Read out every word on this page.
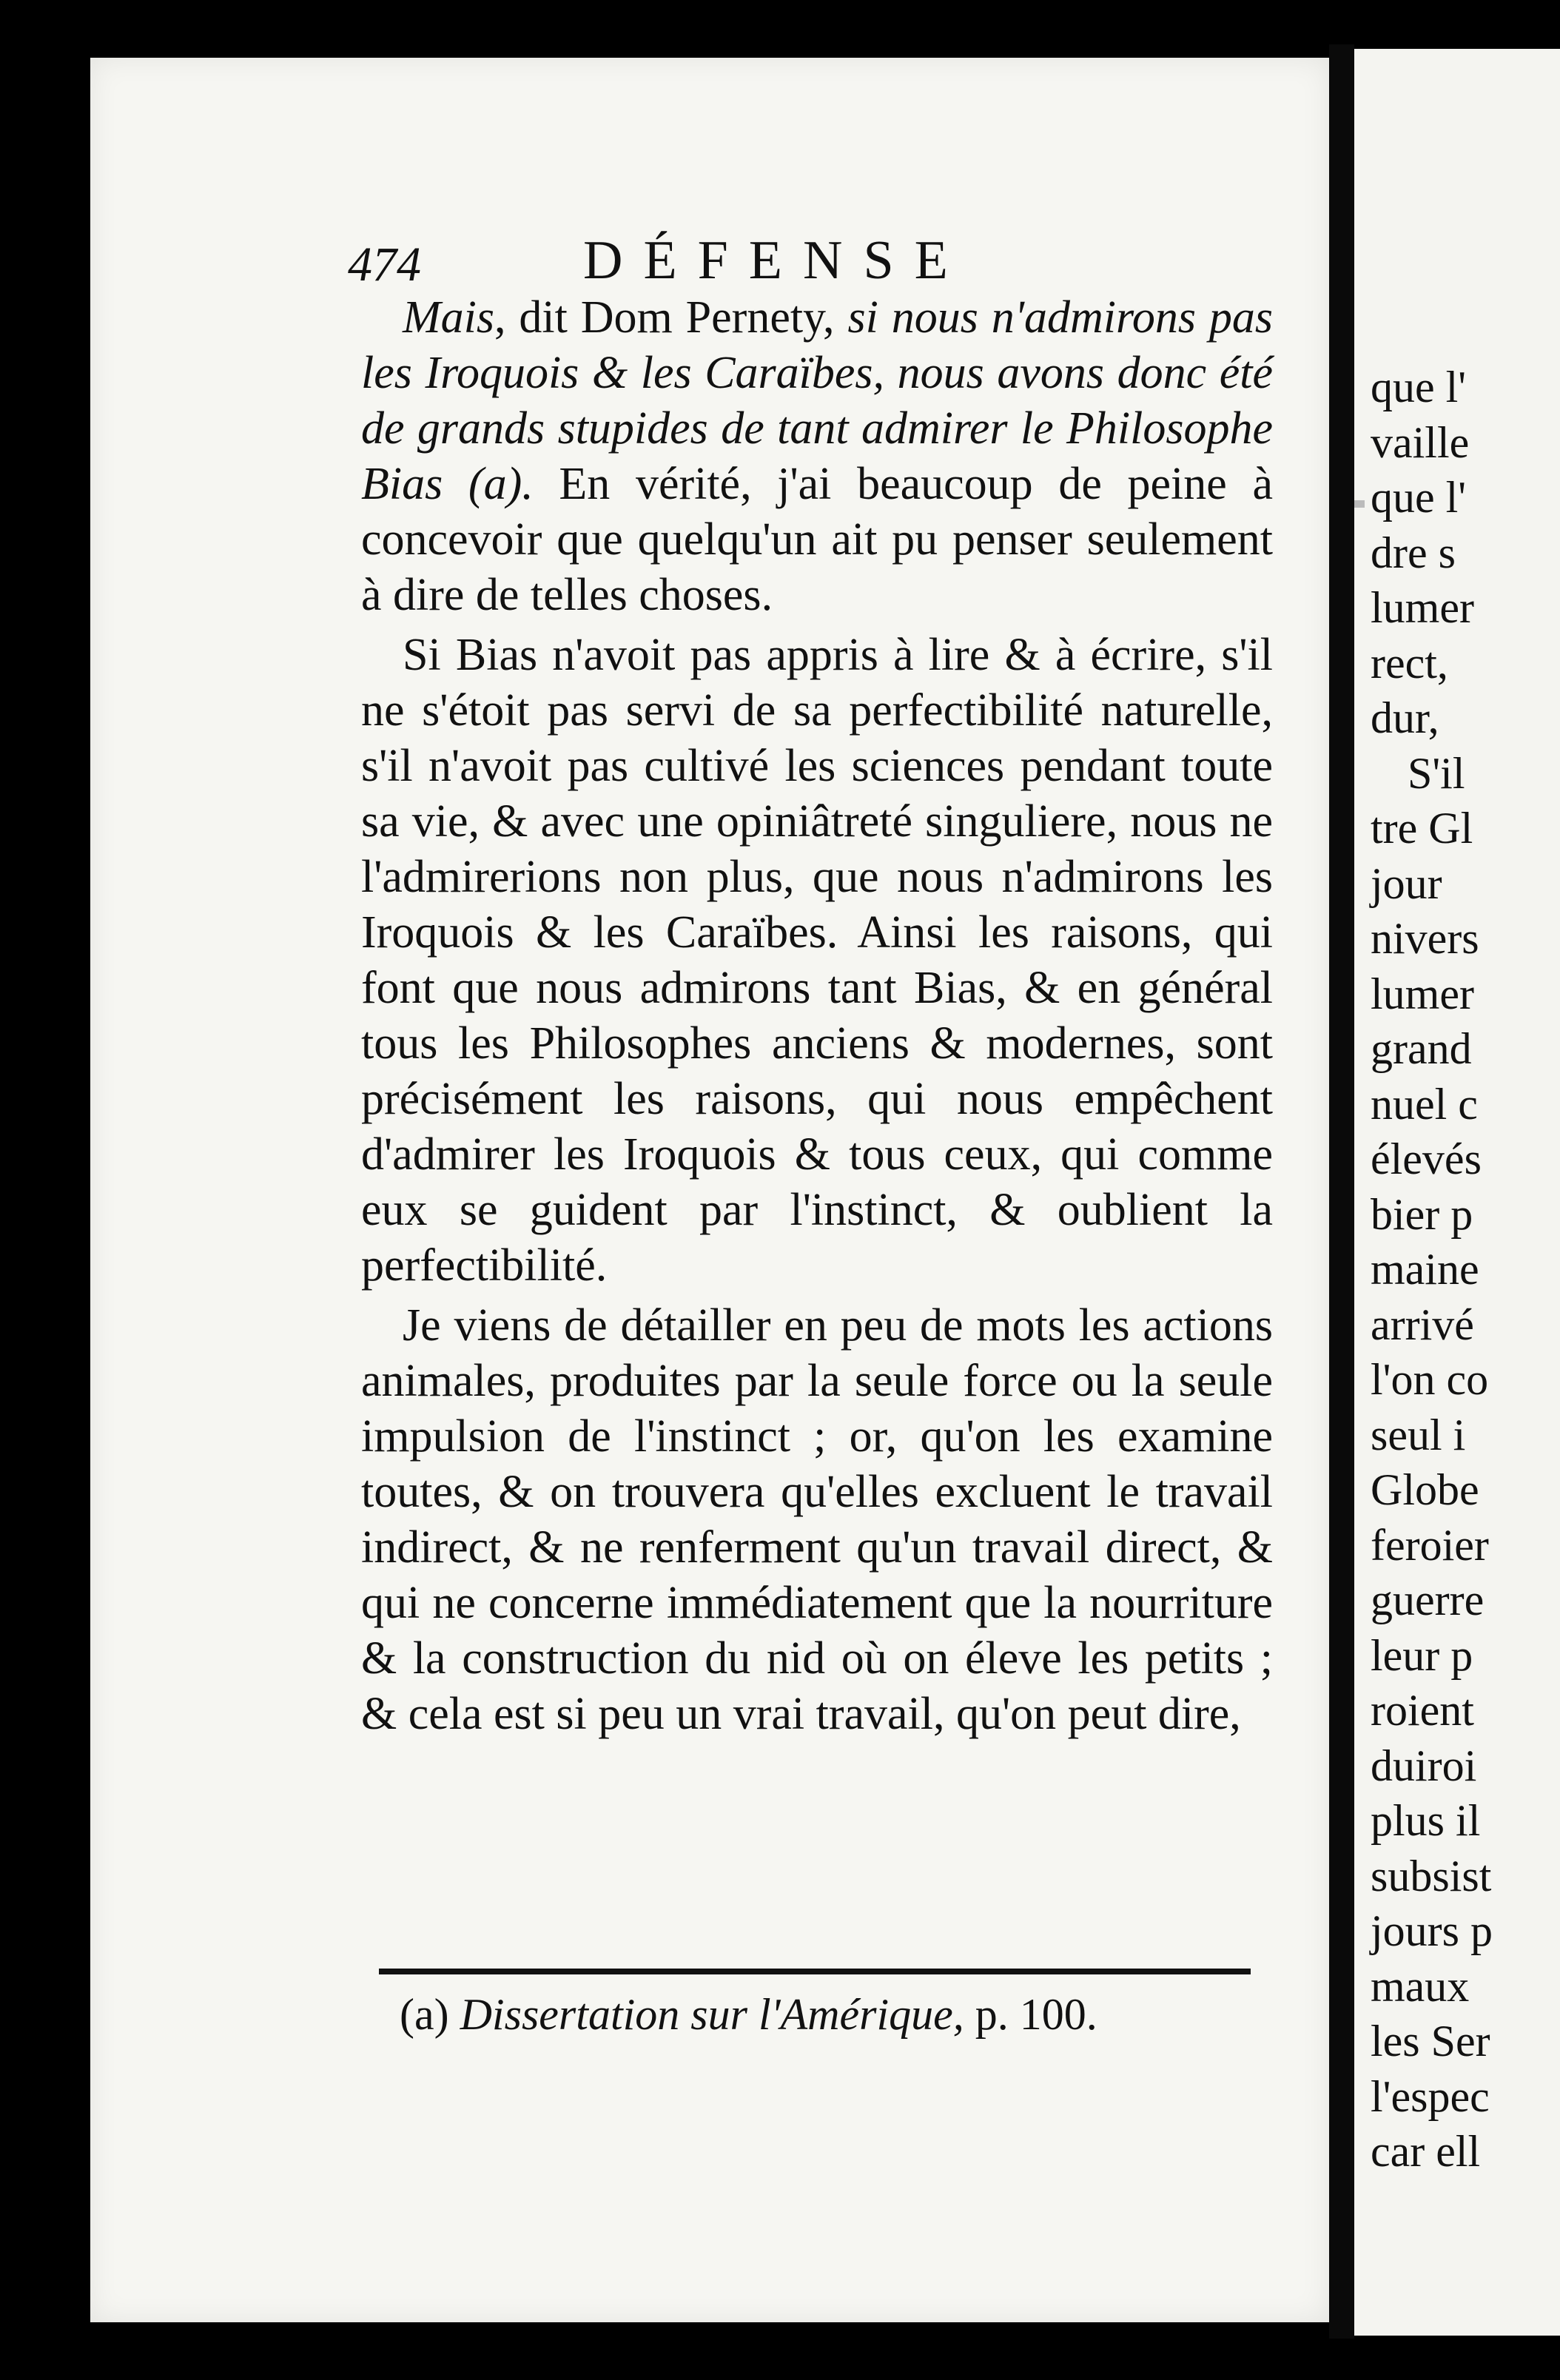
que l'
vaille
que l'
dre s
lumer
rect,
dur,
S'il
tre Gl
jour
nivers
lumer
grand
nuel c
élevés
bier p
maine
arrivé
l'on co
seul i
Globe
feroier
guerre
leur p
roient
duiroi
plus il
subsist
jours p
maux
les Ser
l'espec
car ell
474	DÉFENSE

Mais, dit Dom Pernety, si nous n'admirons pas les Iroquois & les Caraïbes, nous avons donc été de grands stupides de tant admirer le Philosophe Bias (a). En vérité, j'ai beaucoup de peine à concevoir que quelqu'un ait pu penser seulement à dire de telles choses.

Si Bias n'avoit pas appris à lire & à écrire, s'il ne s'étoit pas servi de sa perfectibilité naturelle, s'il n'avoit pas cultivé les sciences pendant toute sa vie, & avec une opiniâtreté singuliere, nous ne l'admirerions non plus, que nous n'admirons les Iroquois & les Caraïbes. Ainsi les raisons, qui font que nous admirons tant Bias, & en général tous les Philosophes anciens & modernes, sont précisément les raisons, qui nous empêchent d'admirer les Iroquois & tous ceux, qui comme eux se guident par l'instinct, & oublient la perfectibilité.

Je viens de détailler en peu de mots les actions animales, produites par la seule force ou la seule impulsion de l'instinct ; or, qu'on les examine toutes, & on trouvera qu'elles excluent le travail indirect, & ne renferment qu'un travail direct, & qui ne concerne immédiatement que la nourriture & la construction du nid où on éleve les petits ; & cela est si peu un vrai travail, qu'on peut dire,

(a) Dissertation sur l'Amérique, p. 100.
